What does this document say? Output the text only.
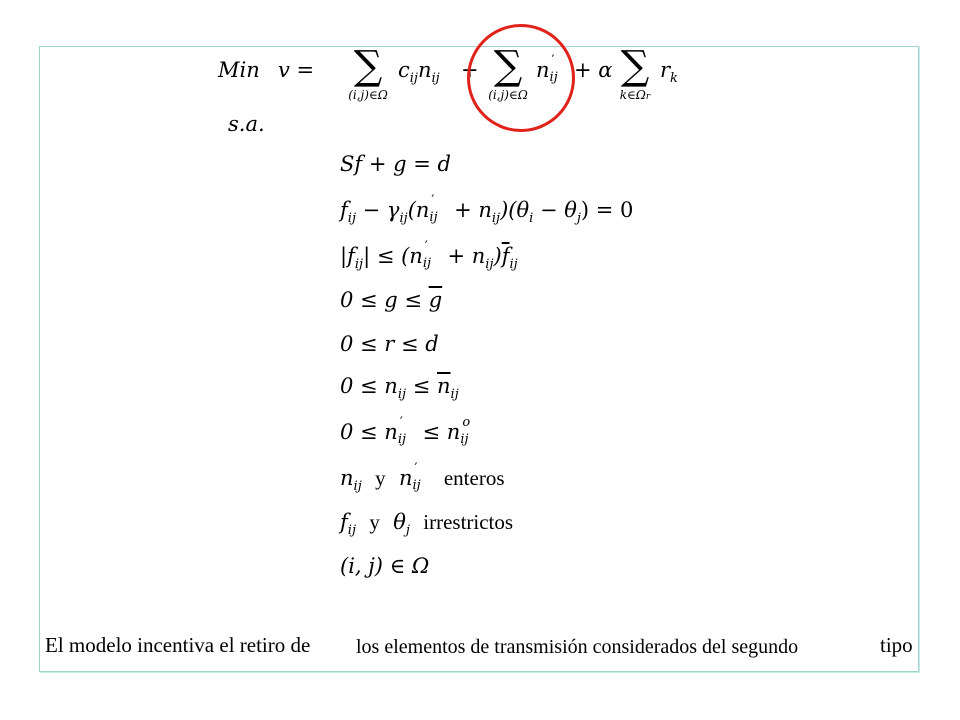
Min v = ∑
(i,j)∈Ω
$c_{ij}n_{ij}$ + ∑
(i,j)∈Ω
n ′
ij + α ∑
k∈Ωr
$r_k$
s.a.
Sf + g = d
$f_{ij} - \gamma_{ij}(n$ ′
ij + $n_{ij})(\theta_i - \theta_j) = 0$
$|f_{ij}| \le (n$ ′
ij + $n_{ij})\overline{f}_{ij}$
$0 \le g \le \overline{g}$
0 ≤ r ≤ d
$0 \le n_{ij} \le \overline{n}_{ij}$
0 ≤ n ′
ij ≤ n o
ij
$n_{ij}$ y n ′
ij enteros
$f_{ij}$ y $\theta_j$ irrestrictos
(i, j) ∈ Ω
El modelo incentiva el retiro de los elementos de transmisión considerados del segundo	tipo
